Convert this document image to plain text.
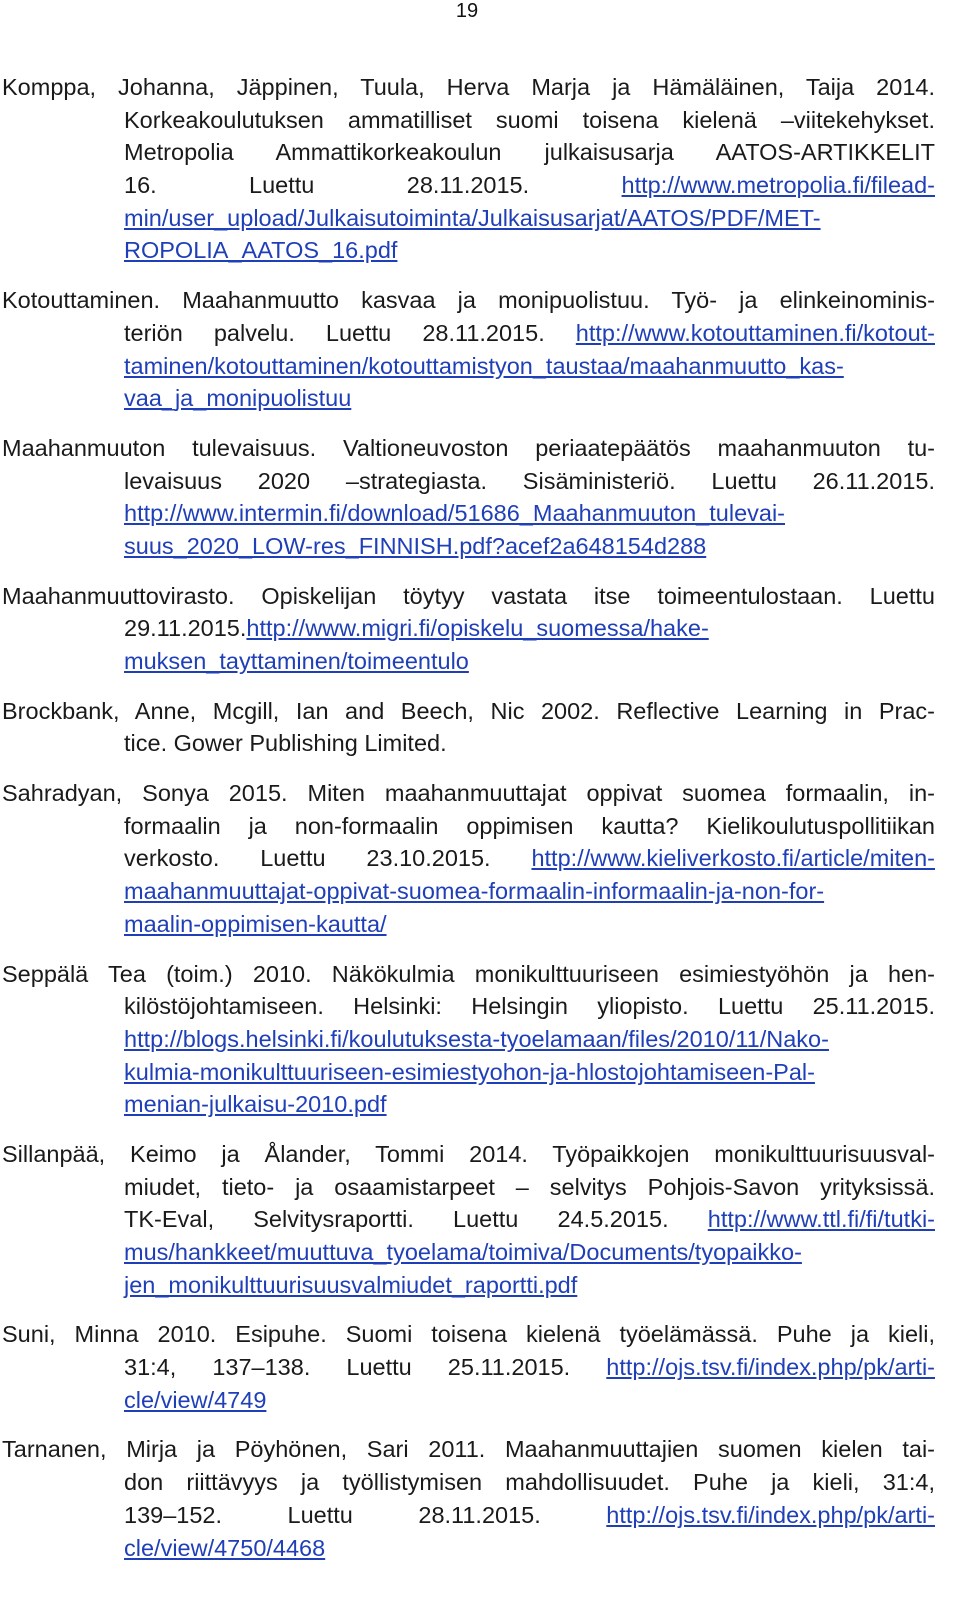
19
Komppa, Johanna, Jäppinen, Tuula, Herva Marja ja Hämäläinen, Taija 2014.
Korkeakoulutuksen ammatilliset suomi toisena kielenä –viitekehykset.
Metropolia Ammattikorkeakoulun julkaisusarja AATOS-ARTIKKELIT
16. Luettu 28.11.2015. http://www.metropolia.fi/filead-
min/user_upload/Julkaisutoiminta/Julkaisusarjat/AATOS/PDF/MET-
ROPOLIA_AATOS_16.pdf
Kotouttaminen. Maahanmuutto kasvaa ja monipuolistuu. Työ- ja elinkeinominis-
teriön palvelu. Luettu 28.11.2015. http://www.kotouttaminen.fi/kotout-
taminen/kotouttaminen/kotouttamistyon_taustaa/maahanmuutto_kas-
vaa_ja_monipuolistuu
Maahanmuuton tulevaisuus. Valtioneuvoston periaatepäätös maahanmuuton tu-
levaisuus 2020 –strategiasta. Sisäministeriö. Luettu 26.11.2015.
http://www.intermin.fi/download/51686_Maahanmuuton_tulevai-
suus_2020_LOW-res_FINNISH.pdf?acef2a648154d288
Maahanmuuttovirasto. Opiskelijan töytyy vastata itse toimeentulostaan. Luettu
29.11.2015.http://www.migri.fi/opiskelu_suomessa/hake-
muksen_tayttaminen/toimeentulo
Brockbank, Anne, Mcgill, Ian and Beech, Nic 2002. Reflective Learning in Prac-
tice. Gower Publishing Limited.
Sahradyan, Sonya 2015. Miten maahanmuuttajat oppivat suomea formaalin, in-
formaalin ja non-formaalin oppimisen kautta? Kielikoulutuspollitiikan
verkosto. Luettu 23.10.2015. http://www.kieliverkosto.fi/article/miten-
maahanmuuttajat-oppivat-suomea-formaalin-informaalin-ja-non-for-
maalin-oppimisen-kautta/
Seppälä Tea (toim.) 2010. Näkökulmia monikulttuuriseen esimiestyöhön ja hen-
kilöstöjohtamiseen. Helsinki: Helsingin yliopisto. Luettu 25.11.2015.
http://blogs.helsinki.fi/koulutuksesta-tyoelamaan/files/2010/11/Nako-
kulmia-monikulttuuriseen-esimiestyohon-ja-hlostojohtamiseen-Pal-
menian-julkaisu-2010.pdf
Sillanpää, Keimo ja Ålander, Tommi 2014. Työpaikkojen monikulttuurisuusval-
miudet, tieto- ja osaamistarpeet – selvitys Pohjois-Savon yrityksissä.
TK-Eval, Selvitysraportti. Luettu 24.5.2015. http://www.ttl.fi/fi/tutki-
mus/hankkeet/muuttuva_tyoelama/toimiva/Documents/tyopaikko-
jen_monikulttuurisuusvalmiudet_raportti.pdf
Suni, Minna 2010. Esipuhe. Suomi toisena kielenä työelämässä. Puhe ja kieli,
31:4, 137–138. Luettu 25.11.2015. http://ojs.tsv.fi/index.php/pk/arti-
cle/view/4749
Tarnanen, Mirja ja Pöyhönen, Sari 2011. Maahanmuuttajien suomen kielen tai-
don riittävyys ja työllistymisen mahdollisuudet. Puhe ja kieli, 31:4,
139–152. Luettu 28.11.2015. http://ojs.tsv.fi/index.php/pk/arti-
cle/view/4750/4468
